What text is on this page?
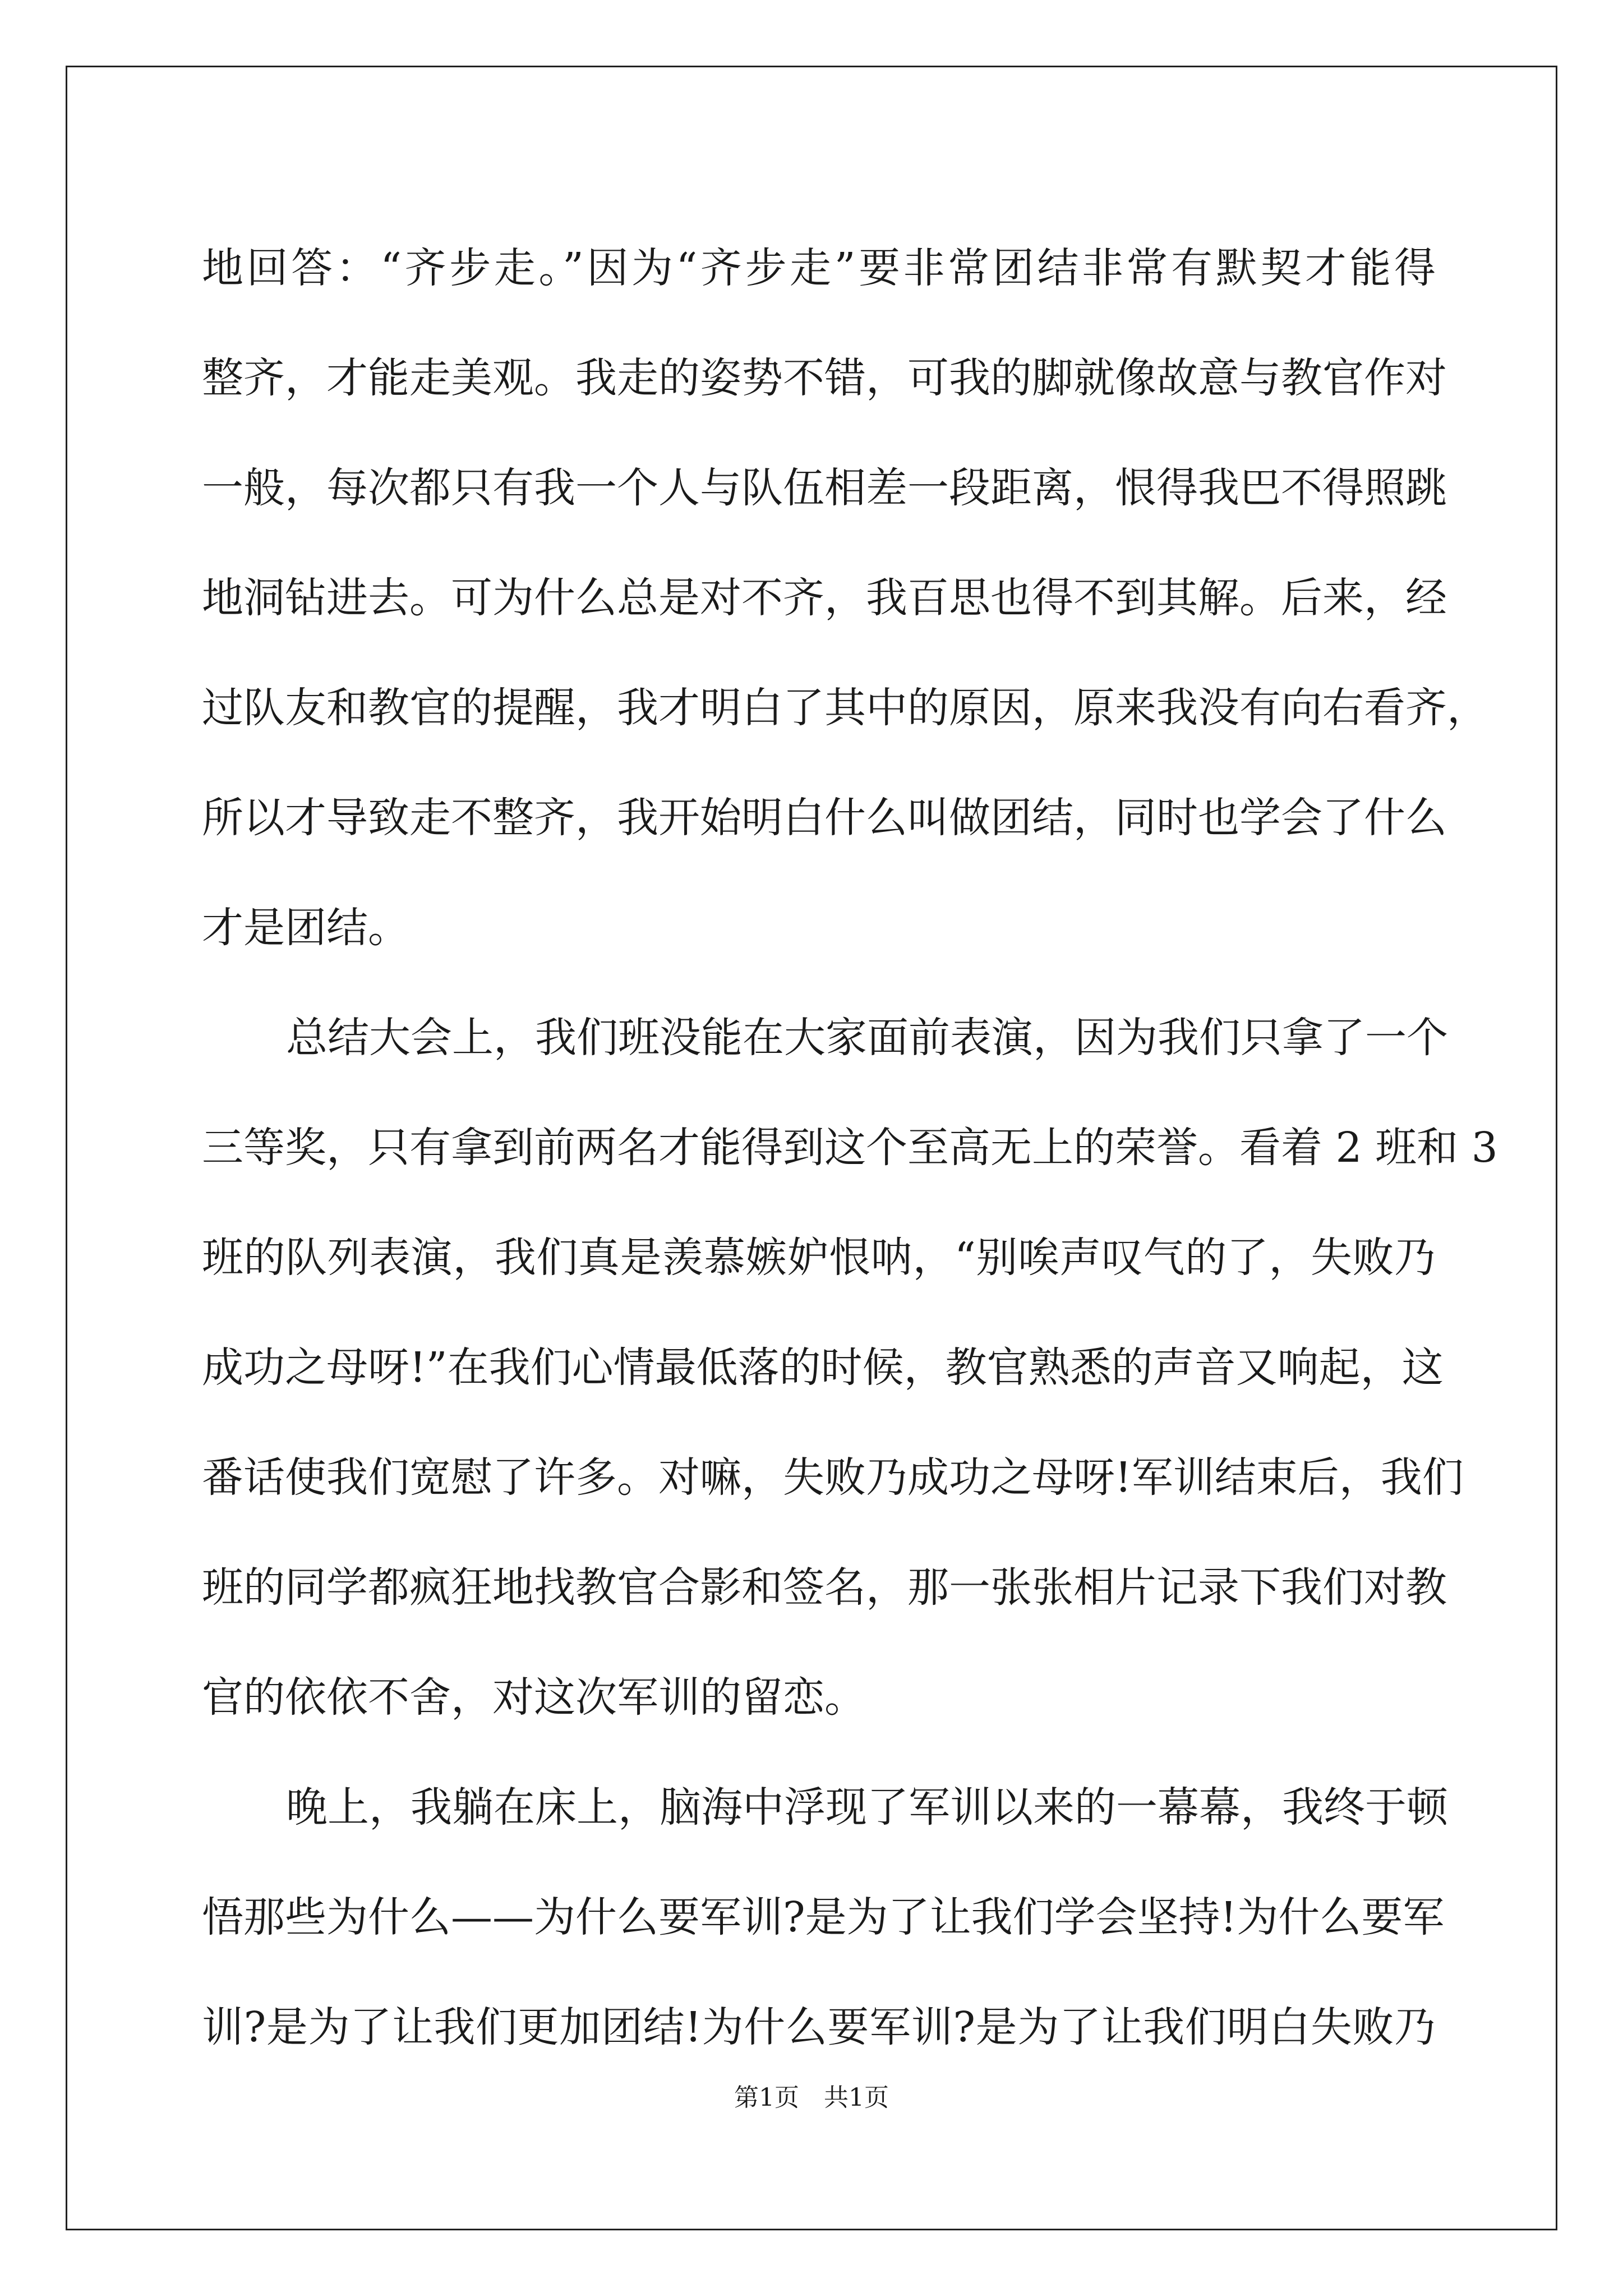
地回答：“齐步走。”因为“齐步走”要非常团结非常有默契才能得

整齐，才能走美观。我走的姿势不错，可我的脚就像故意与教官作对

一般，每次都只有我一个人与队伍相差一段距离，恨得我巴不得照跳

地洞钻进去。可为什么总是对不齐，我百思也得不到其解。后来，经

过队友和教官的提醒，我才明白了其中的原因，原来我没有向右看齐，

所以才导致走不整齐，我开始明白什么叫做团结，同时也学会了什么

才是团结。

总结大会上，我们班没能在大家面前表演，因为我们只拿了一个

三等奖，只有拿到前两名才能得到这个至高无上的荣誉。看着 2 班和 3

班的队列表演，我们真是羡慕嫉妒恨呐，“别唉声叹气的了，失败乃

成功之母呀!”在我们心情最低落的时候，教官熟悉的声音又响起，这

番话使我们宽慰了许多。对嘛，失败乃成功之母呀!军训结束后，我们

班的同学都疯狂地找教官合影和签名，那一张张相片记录下我们对教

官的依依不舍，对这次军训的留恋。

晚上，我躺在床上，脑海中浮现了军训以来的一幕幕，我终于顿

悟那些为什么——为什么要军训?是为了让我们学会坚持!为什么要军

训?是为了让我们更加团结!为什么要军训?是为了让我们明白失败乃

第1页　共1页
